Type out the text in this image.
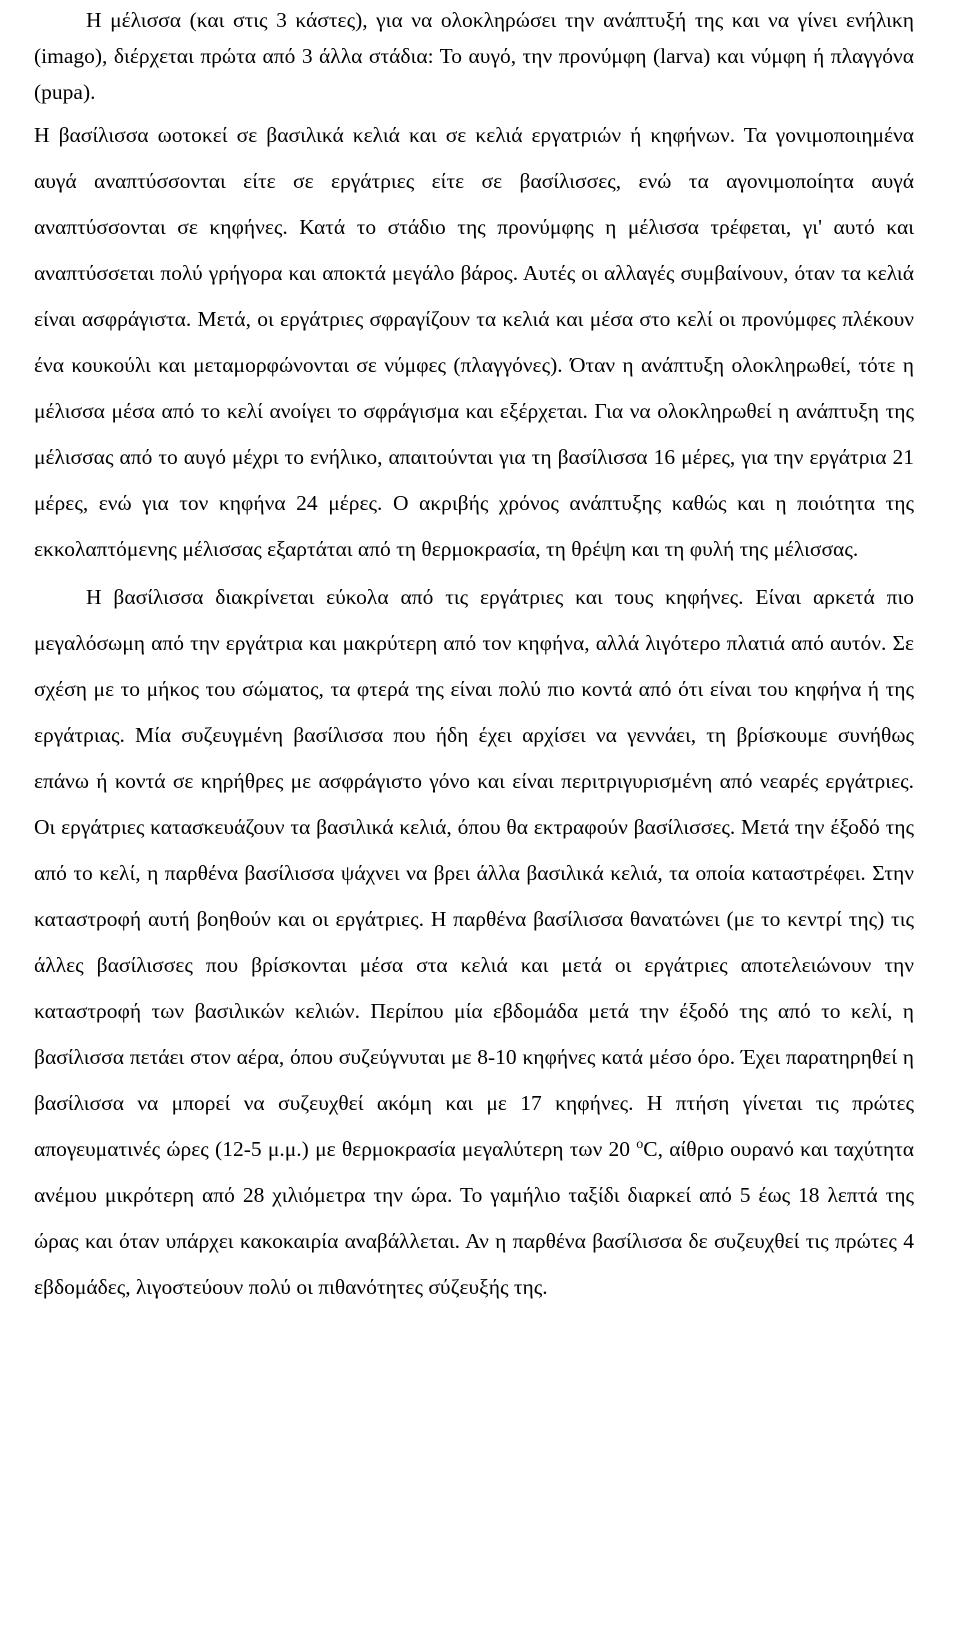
Η μέλισσα (και στις 3 κάστες), για να ολοκληρώσει την ανάπτυξή της και να γίνει ενήλικη (imago), διέρχεται πρώτα από 3 άλλα στάδια: Το αυγό, την προνύμφη (larva) και νύμφη ή πλαγγόνα (pupa).

Η βασίλισσα ωοτοκεί σε βασιλικά κελιά και σε κελιά εργατριών ή κηφήνων. Τα γονιμοποιημένα αυγά αναπτύσσονται είτε σε εργάτριες είτε σε βασίλισσες, ενώ τα αγονιμοποίητα αυγά αναπτύσσονται σε κηφήνες. Κατά το στάδιο της προνύμφης η μέλισσα τρέφεται, γι' αυτό και αναπτύσσεται πολύ γρήγορα και αποκτά μεγάλο βάρος. Αυτές οι αλλαγές συμβαίνουν, όταν τα κελιά είναι ασφράγιστα. Μετά, οι εργάτριες σφραγίζουν τα κελιά και μέσα στο κελί οι προνύμφες πλέκουν ένα κουκούλι και μεταμορφώνονται σε νύμφες (πλαγγόνες). Όταν η ανάπτυξη ολοκληρωθεί, τότε η μέλισσα μέσα από το κελί ανοίγει το σφράγισμα και εξέρχεται. Για να ολοκληρωθεί η ανάπτυξη της μέλισσας από το αυγό μέχρι το ενήλικο, απαιτούνται για τη βασίλισσα 16 μέρες, για την εργάτρια 21 μέρες, ενώ για τον κηφήνα 24 μέρες. Ο ακριβής χρόνος ανάπτυξης καθώς και η ποιότητα της εκκολαπτόμενης μέλισσας εξαρτάται από τη θερμοκρασία, τη θρέψη και τη φυλή της μέλισσας.

Η βασίλισσα διακρίνεται εύκολα από τις εργάτριες και τους κηφήνες. Είναι αρκετά πιο μεγαλόσωμη από την εργάτρια και μακρύτερη από τον κηφήνα, αλλά λιγότερο πλατιά από αυτόν. Σε σχέση με το μήκος του σώματος, τα φτερά της είναι πολύ πιο κοντά από ότι είναι του κηφήνα ή της εργάτριας. Μία συζευγμένη βασίλισσα που ήδη έχει αρχίσει να γεννάει, τη βρίσκουμε συνήθως επάνω ή κοντά σε κηρήθρες με ασφράγιστο γόνο και είναι περιτριγυρισμένη από νεαρές εργάτριες. Οι εργάτριες κατασκευάζουν τα βασιλικά κελιά, όπου θα εκτραφούν βασίλισσες. Μετά την έξοδό της από το κελί, η παρθένα βασίλισσα ψάχνει να βρει άλλα βασιλικά κελιά, τα οποία καταστρέφει. Στην καταστροφή αυτή βοηθούν και οι εργάτριες. Η παρθένα βασίλισσα θανατώνει (με το κεντρί της) τις άλλες βασίλισσες που βρίσκονται μέσα στα κελιά και μετά οι εργάτριες αποτελειώνουν την καταστροφή των βασιλικών κελιών. Περίπου μία εβδομάδα μετά την έξοδό της από το κελί, η βασίλισσα πετάει στον αέρα, όπου συζεύγνυται με 8-10 κηφήνες κατά μέσο όρο. Έχει παρατηρηθεί η βασίλισσα να μπορεί να συζευχθεί ακόμη και με 17 κηφήνες. Η πτήση γίνεται τις πρώτες απογευματινές ώρες (12-5 μ.μ.) με θερμοκρασία μεγαλύτερη των 20 $^o$C, αίθριο ουρανό και ταχύτητα ανέμου μικρότερη από 28 χιλιόμετρα την ώρα. Το γαμήλιο ταξίδι διαρκεί από 5 έως 18 λεπτά της ώρας και όταν υπάρχει κακοκαιρία αναβάλλεται. Αν η παρθένα βασίλισσα δε συζευχθεί τις πρώτες 4 εβδομάδες, λιγοστεύουν πολύ οι πιθανότητες σύζευξής της.
